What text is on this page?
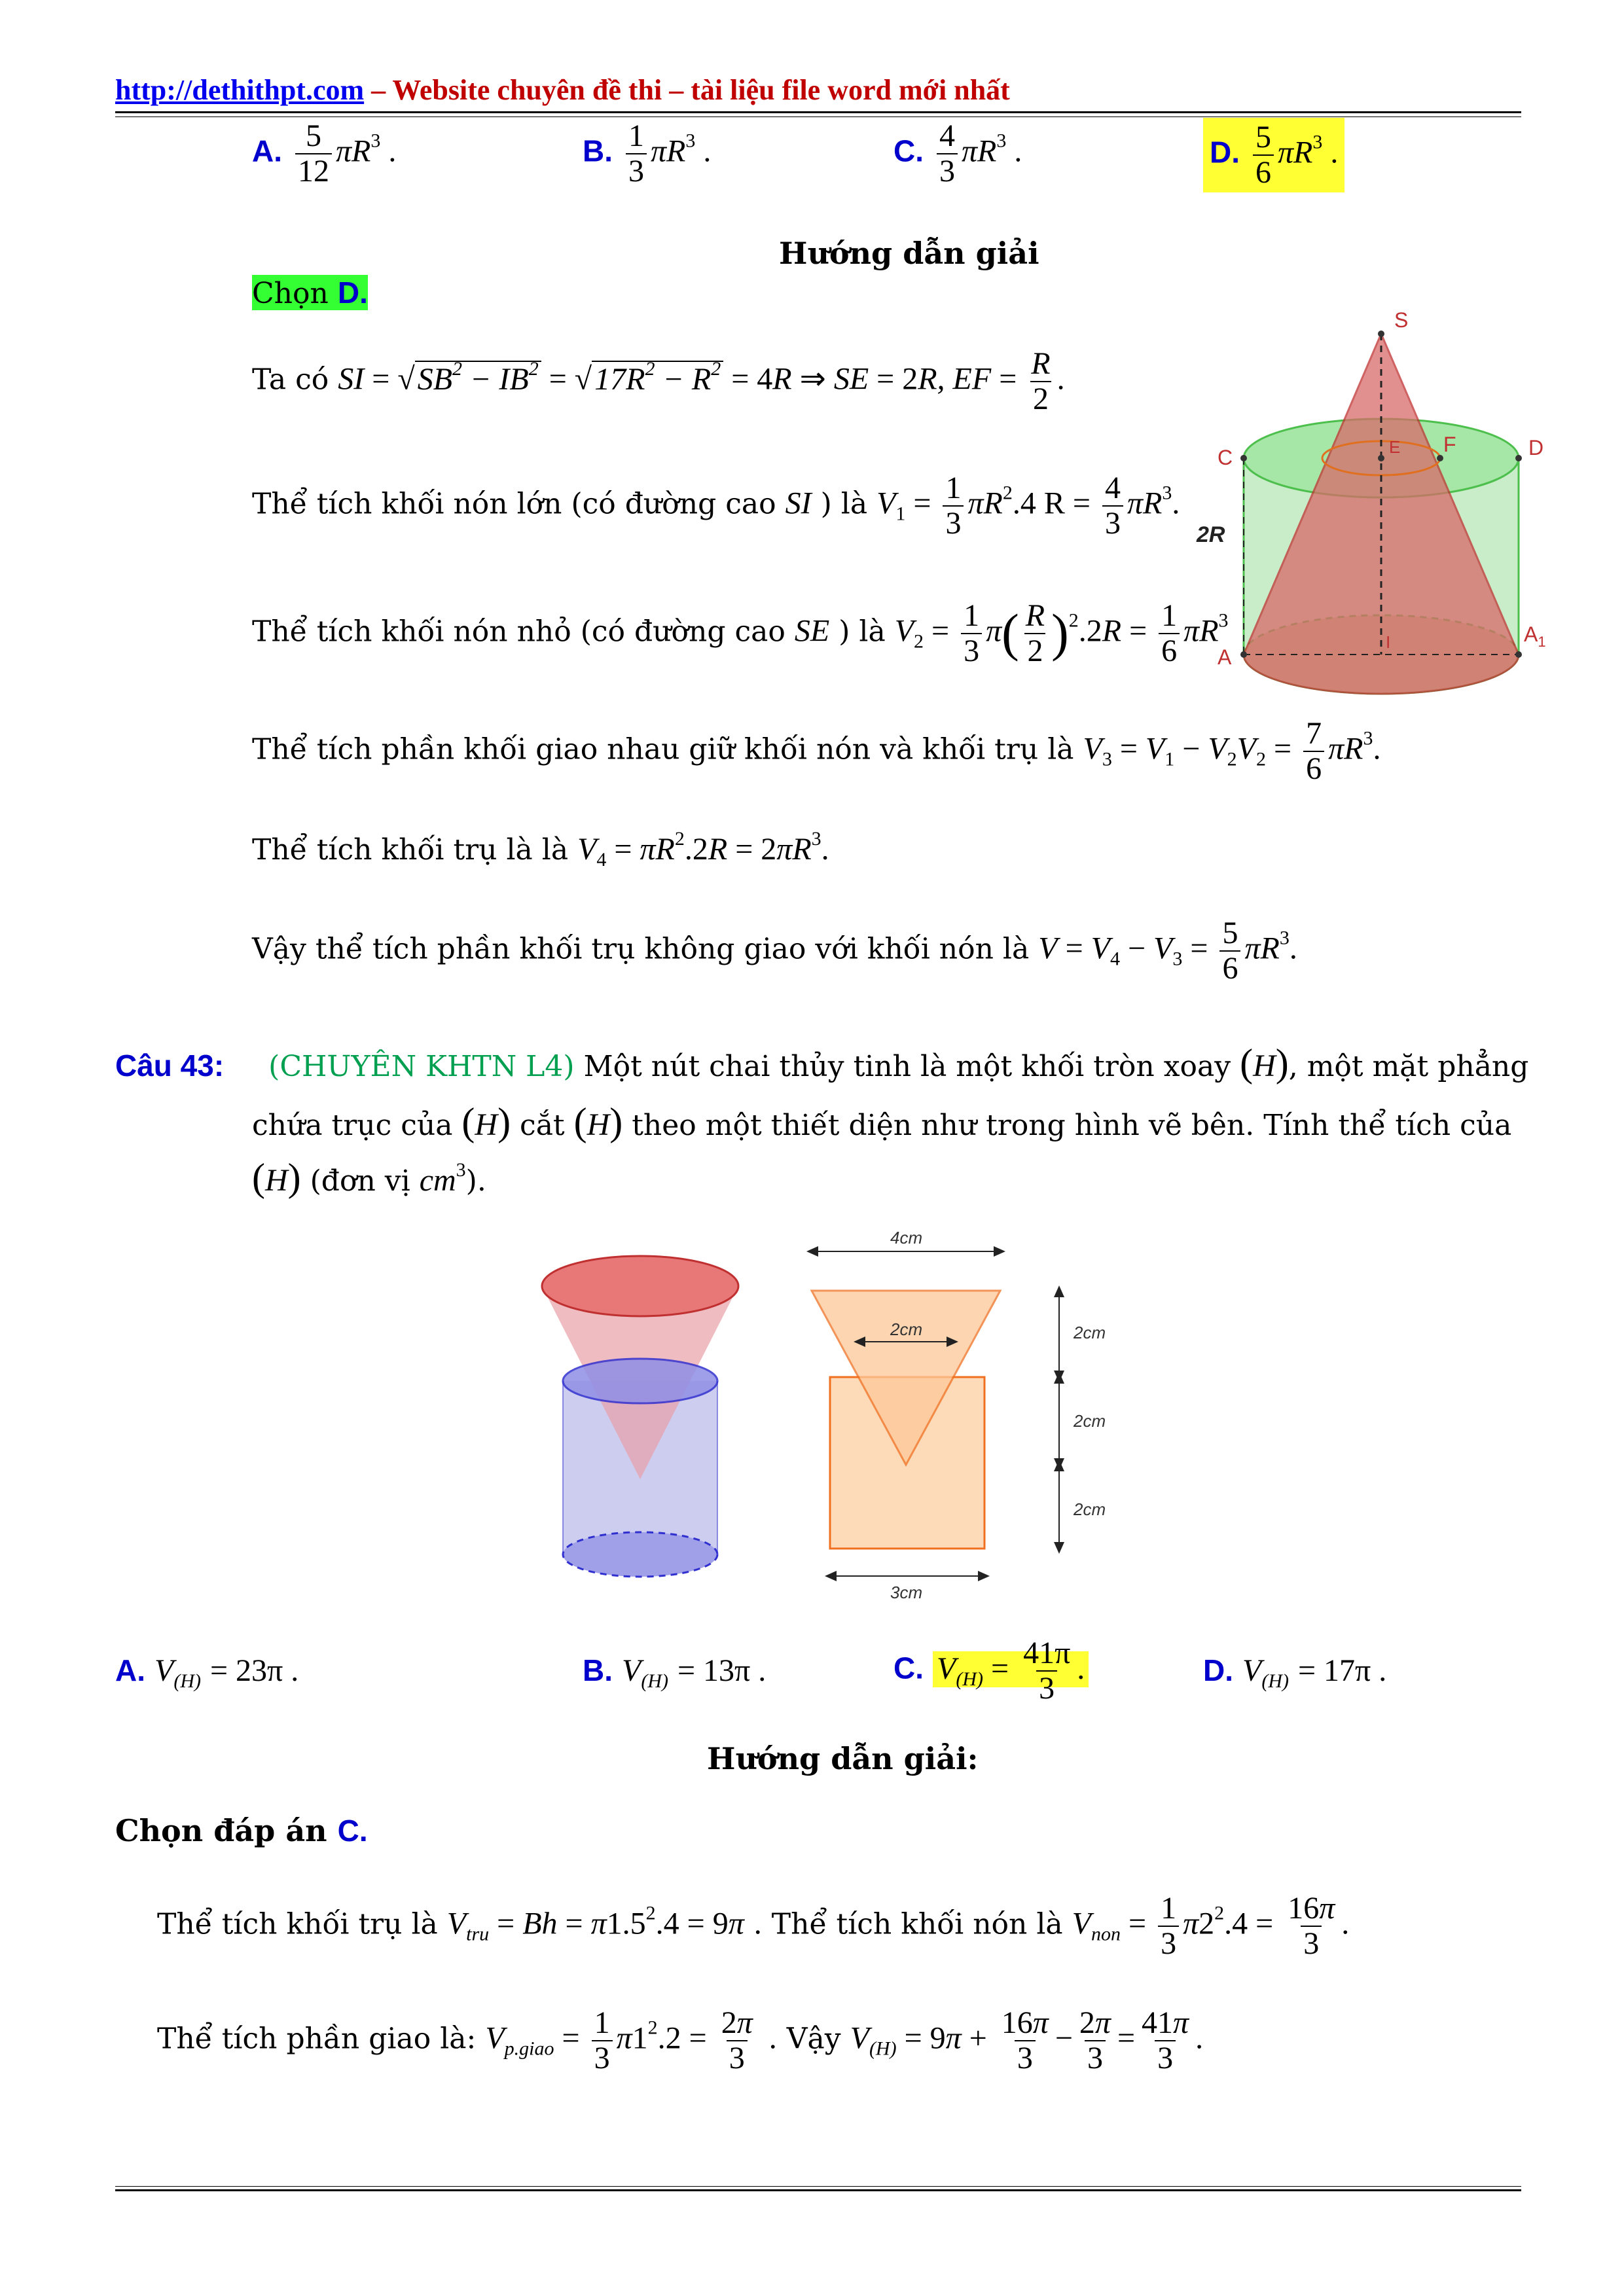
http://dethithpt.com – Website chuyên đề thi – tài liệu file word mới nhất
A. $\frac{5}{12} \pi R^3$ .	B. $\frac{1}{3} \pi R^3$ .	C. $\frac{4}{3} \pi R^3$ .	D. $\frac{5}{6} \pi R^3$ .
Hướng dẫn giải
Chọn D.
Ta có SI = $√SB^2 - IB^2 = √17R^2 - R^2 = 4R$ ⇒ SE = 2R, EF = $\frac{R}{2}$ .
Thể tích khối nón lớn (có đường cao SI ) là $V_1 = \frac{1}{3} \pi R^2.4$ $R = \frac{4}{3} \pi R^3$.
Thể tích khối nón nhỏ (có đường cao SE ) là $V_2 = \frac{1}{3} \pi( \frac{R}{2} )^2.2R = \frac{1}{6} \pi R^3$
Thể tích phần khối giao nhau giữ khối nón và khối trụ là $V_3 = V_1 - V_2V_2 = \frac{7}{6} \pi R^3$.
Thể tích khối trụ là là $V_4 = \pi R^2.2R = 2\pi R^3$.
Vậy thể tích phần khối trụ không giao với khối nón là $V = V_4 - V_3 = \frac{5}{6} \pi R^3$.
S
C	D
E F
A
$A_1$
I
2R
Câu 43: (CHUYÊN KHTN L4) Một nút chai thủy tinh là một khối tròn xoay (H), một mặt phẳng
chứa trục của (H) cắt (H) theo một thiết diện như trong hình vẽ bên. Tính thể tích của
(H) (đơn vị $cm^3$).
4cm
2cm
3cm
2cm
2cm
2cm
A. $V_{(H)} = 23\pi$ .	B. $V_{(H)} = 13\pi$ .	C. $V_{(H)} = \frac{41\pi}{3}$ .	D. $V_{(H)} = 17\pi$ .
Hướng dẫn giải:
Chọn đáp án C.
Thể tích khối trụ là $V_{tru} = Bh = \pi 1.5^2.4 = 9\pi$ . Thể tích khối nón là $V_{non} = \frac{1}{3} \pi 2^2.4 = \frac{16\pi}{3}$ .
Thể tích phần giao là: $V_{p.giao} = \frac{1}{3} \pi 1^2.2 = \frac{2\pi}{3}$ . Vậy $V_{(H)} = 9\pi + \frac{16\pi}{3} - \frac{2\pi}{3} = \frac{41\pi}{3}$ .
